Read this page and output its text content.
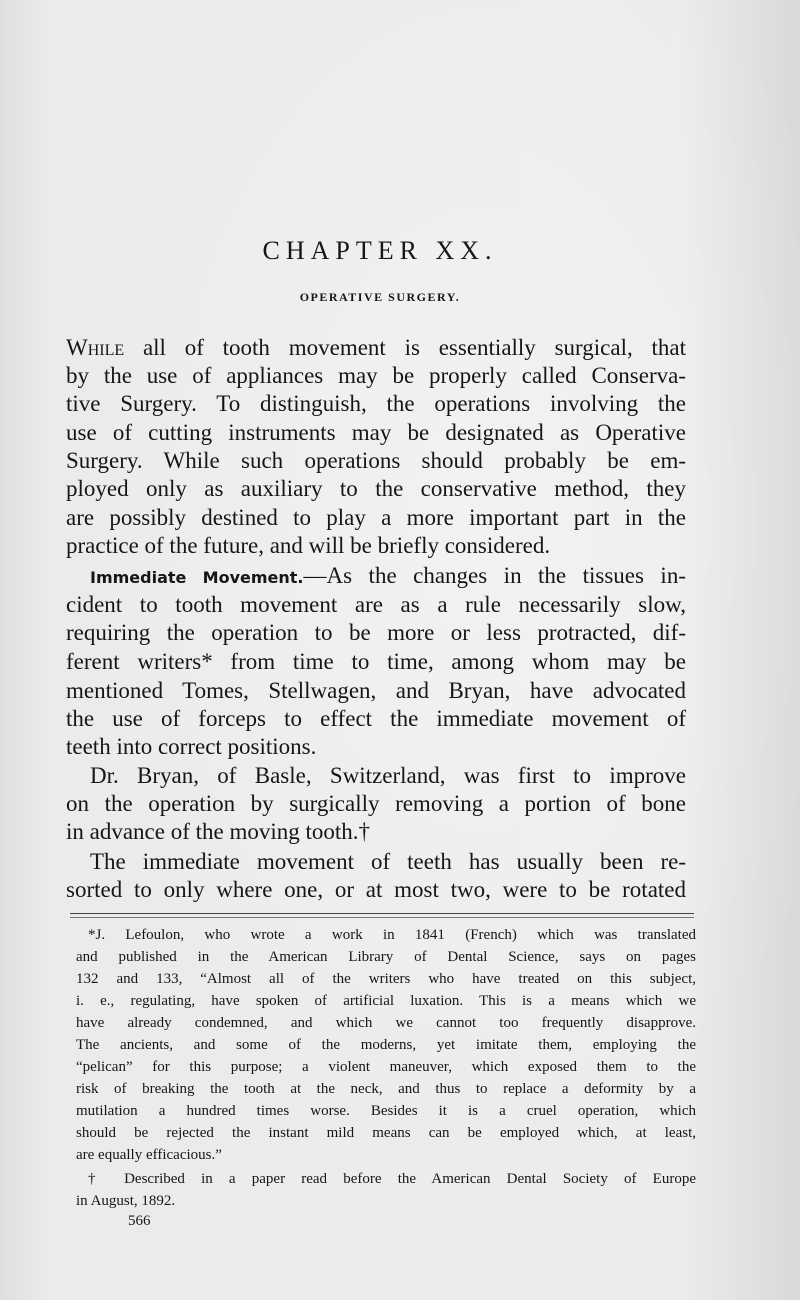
CHAPTER XX.
OPERATIVE SURGERY.
While all of tooth movement is essentially surgical, that
by the use of appliances may be properly called Conserva-
tive Surgery. To distinguish, the operations involving the
use of cutting instruments may be designated as Operative
Surgery. While such operations should probably be em-
ployed only as auxiliary to the conservative method, they
are possibly destined to play a more important part in the
practice of the future, and will be briefly considered.
Immediate Movement.—As the changes in the tissues in-
cident to tooth movement are as a rule necessarily slow,
requiring the operation to be more or less protracted, dif-
ferent writers* from time to time, among whom may be
mentioned Tomes, Stellwagen, and Bryan, have advocated
the use of forceps to effect the immediate movement of
teeth into correct positions.
Dr. Bryan, of Basle, Switzerland, was first to improve
on the operation by surgically removing a portion of bone
in advance of the moving tooth.†
The immediate movement of teeth has usually been re-
sorted to only where one, or at most two, were to be rotated
*J. Lefoulon, who wrote a work in 1841 (French) which was translated
and published in the American Library of Dental Science, says on pages
132 and 133, “Almost all of the writers who have treated on this subject,
i. e., regulating, have spoken of artificial luxation. This is a means which we
have already condemned, and which we cannot too frequently disapprove.
The ancients, and some of the moderns, yet imitate them, employing the
“pelican” for this purpose; a violent maneuver, which exposed them to the
risk of breaking the tooth at the neck, and thus to replace a deformity by a
mutilation a hundred times worse. Besides it is a cruel operation, which
should be rejected the instant mild means can be employed which, at least,
are equally efficacious.”
† Described in a paper read before the American Dental Society of Europe
in August, 1892.
566
